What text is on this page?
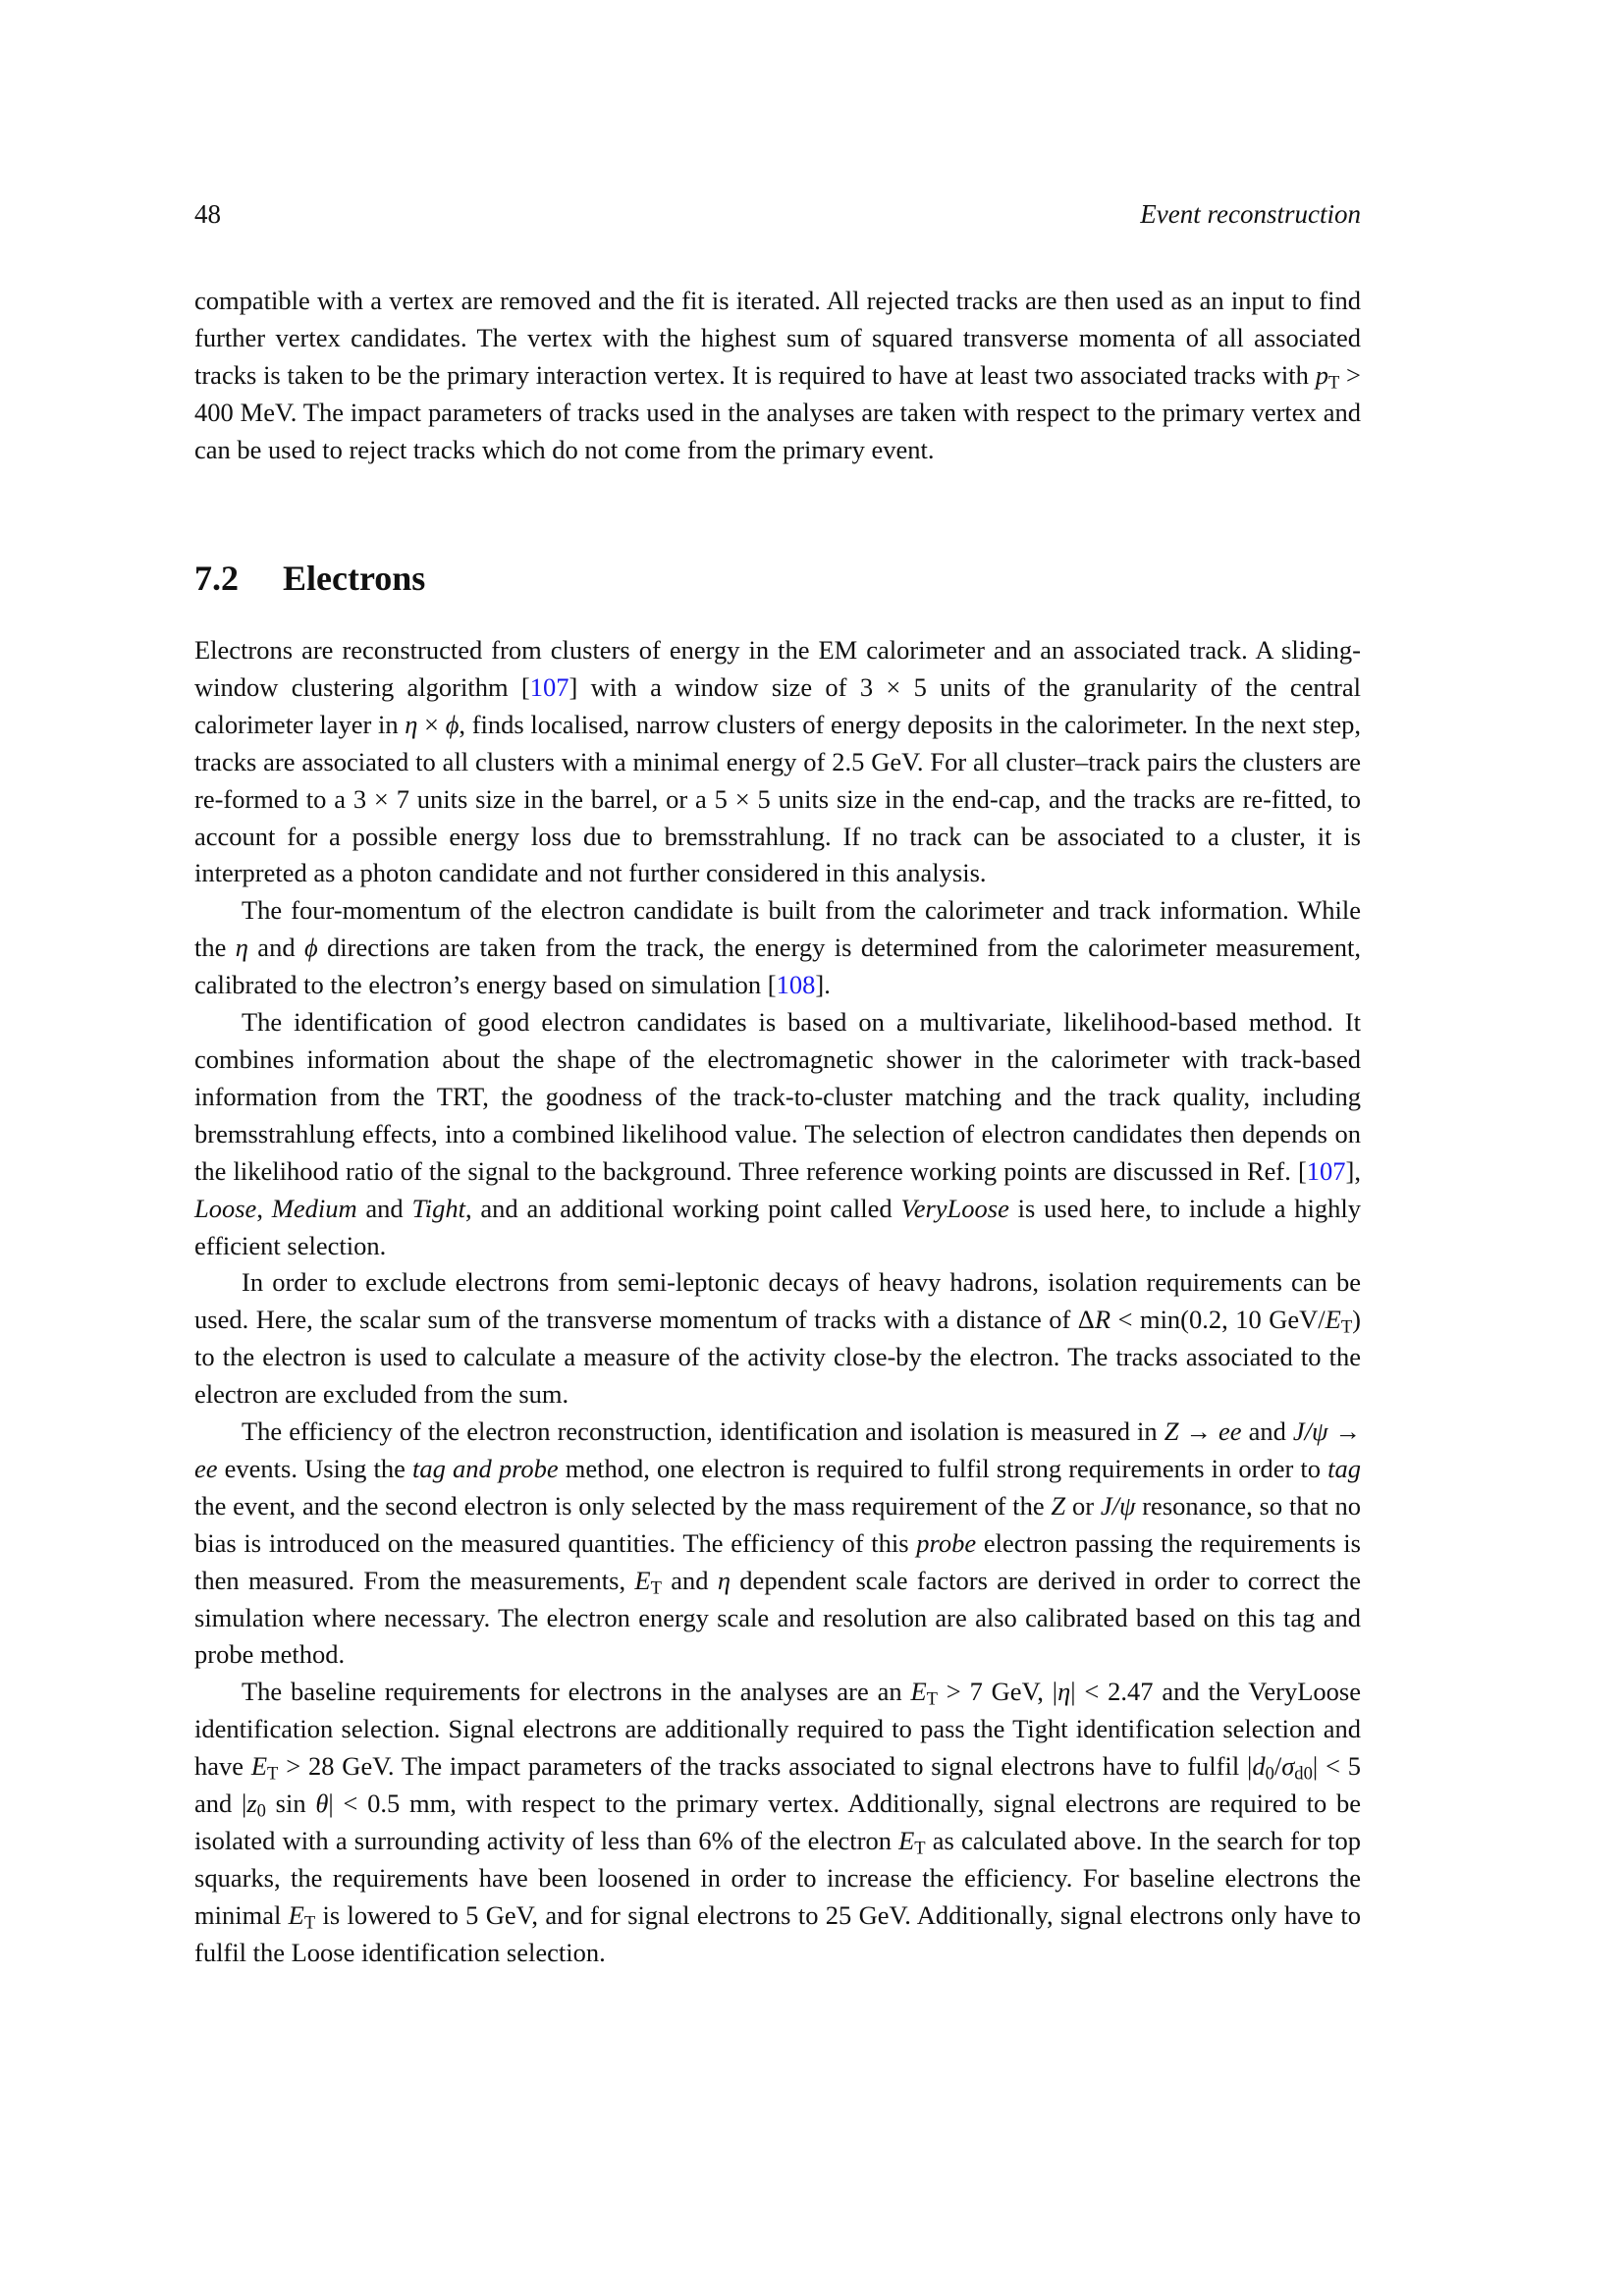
48	Event reconstruction

compatible with a vertex are removed and the fit is iterated. All rejected tracks are then used as an input to find further vertex candidates. The vertex with the highest sum of squared transverse momenta of all associated tracks is taken to be the primary interaction vertex. It is required to have at least two associated tracks with $p_T > 400$ MeV. The impact parameters of tracks used in the analyses are taken with respect to the primary vertex and can be used to reject tracks which do not come from the primary event.

7.2 Electrons

Electrons are reconstructed from clusters of energy in the EM calorimeter and an associated track. A sliding-window clustering algorithm [107] with a window size of 3 × 5 units of the granularity of the central calorimeter layer in η × ϕ, finds localised, narrow clusters of energy deposits in the calorimeter. In the next step, tracks are associated to all clusters with a minimal energy of 2.5 GeV. For all cluster–track pairs the clusters are re-formed to a 3 × 7 units size in the barrel, or a 5 × 5 units size in the end-cap, and the tracks are re-fitted, to account for a possible energy loss due to bremsstrahlung. If no track can be associated to a cluster, it is interpreted as a photon candidate and not further considered in this analysis.

The four-momentum of the electron candidate is built from the calorimeter and track information. While the η and ϕ directions are taken from the track, the energy is determined from the calorimeter measurement, calibrated to the electron’s energy based on simulation [108].

The identification of good electron candidates is based on a multivariate, likelihood-based method. It combines information about the shape of the electromagnetic shower in the calorimeter with track-based information from the TRT, the goodness of the track-to-cluster matching and the track quality, including bremsstrahlung effects, into a combined likelihood value. The selection of electron candidates then depends on the likelihood ratio of the signal to the background. Three reference working points are discussed in Ref. [107], Loose, Medium and Tight, and an additional working point called VeryLoose is used here, to include a highly efficient selection.

In order to exclude electrons from semi-leptonic decays of heavy hadrons, isolation requirements can be used. Here, the scalar sum of the transverse momentum of tracks with a distance of ΔR < min(0.2, 10 GeV/$E_T$) to the electron is used to calculate a measure of the activity close-by the electron. The tracks associated to the electron are excluded from the sum.

The efficiency of the electron reconstruction, identification and isolation is measured in Z → ee and J/ψ → ee events. Using the tag and probe method, one electron is required to fulfil strong requirements in order to tag the event, and the second electron is only selected by the mass requirement of the Z or J/ψ resonance, so that no bias is introduced on the measured quantities. The efficiency of this probe electron passing the requirements is then measured. From the measurements, $E_T$ and η dependent scale factors are derived in order to correct the simulation where necessary. The electron energy scale and resolution are also calibrated based on this tag and probe method.

The baseline requirements for electrons in the analyses are an $E_T > 7$ GeV, |η| < 2.47 and the VeryLoose identification selection. Signal electrons are additionally required to pass the Tight identification selection and have $E_T > 28$ GeV. The impact parameters of the tracks associated to signal electrons have to fulfil $|d_0/\sigma_{d0}| < 5$ and $|z_0$ sin θ| < 0.5 mm, with respect to the primary vertex. Additionally, signal electrons are required to be isolated with a surrounding activity of less than 6% of the electron $E_T$ as calculated above. In the search for top squarks, the requirements have been loosened in order to increase the efficiency. For baseline electrons the minimal $E_T$ is lowered to 5 GeV, and for signal electrons to 25 GeV. Additionally, signal electrons only have to fulfil the Loose identification selection.
